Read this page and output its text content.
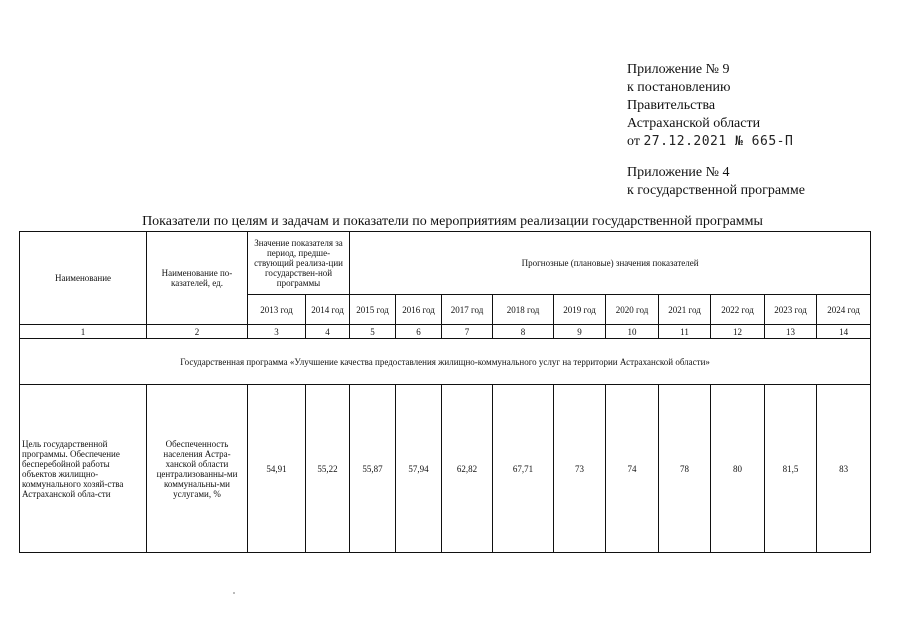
Приложение № 9
к постановлению
Правительства
Астраханской области
от 27.12.2021 № 665-П
Приложение № 4
к государственной программе
Показатели по целям и задачам и показатели по мероприятиям реализации государственной программы
Наименование	Наименование по-казателей, ед.	Значение показателя за период, предше-ствующий реализа-ции государствен-ной программы		Прогнозные (плановые) значения показателей									
		2013 год	2014 год	2015 год	2016 год	2017 год	2018 год	2019 год	2020 год	2021 год	2022 год	2023 год	2024 год
1	2	3	4	5	6	7	8	9	10	11	12	13	14
Государственная программа «Улучшение качества предоставления жилищно-коммунального услуг на территории Астраханской области»													
Цель государственной программы. Обеспечение бесперебойной работы объектов жилищно-коммунального хозяй-ства Астраханской обла-сти	Обеспеченность населения Астра-ханской области централизованны-ми коммунальны-ми услугами, %	54,91	55,22	55,87	57,94	62,82	67,71	73	74	78	80	81,5	83
